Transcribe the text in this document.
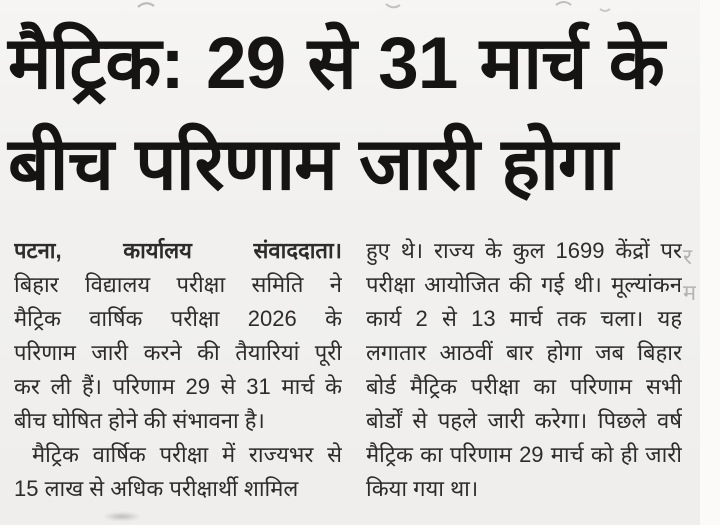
मैट्रिक: 29 से 31 मार्च के
बीच परिणाम जारी होगा
पटना, कार्यालय संवाददाता।
बिहार विद्यालय परीक्षा समिति ने
मैट्रिक वार्षिक परीक्षा 2026 के
परिणाम जारी करने की तैयारियां पूरी
कर ली हैं। परिणाम 29 से 31 मार्च के
बीच घोषित होने की संभावना है।
मैट्रिक वार्षिक परीक्षा में राज्यभर से
15 लाख से अधिक परीक्षार्थी शामिल
हुए थे। राज्य के कुल 1699 केंद्रों पर
परीक्षा आयोजित की गई थी। मूल्यांकन
कार्य 2 से 13 मार्च तक चला। यह
लगातार आठवीं बार होगा जब बिहार
बोर्ड मैट्रिक परीक्षा का परिणाम सभी
बोर्डों से पहले जारी करेगा। पिछले वर्ष
मैट्रिक का परिणाम 29 मार्च को ही जारी
किया गया था।
र
म
